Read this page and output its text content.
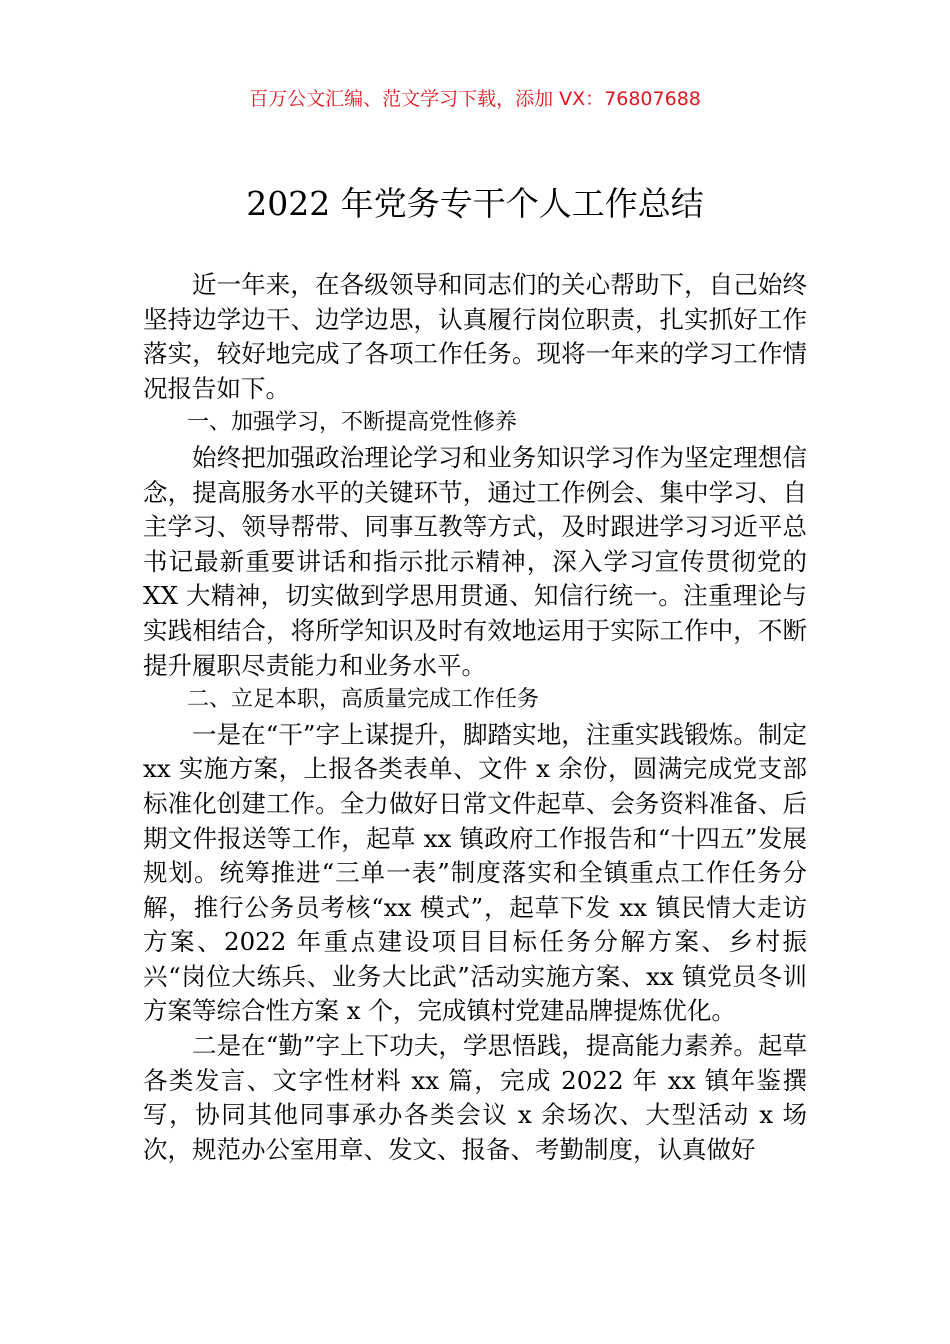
百万公文汇编、范文学习下载，添加 VX：76807688
2022 年党务专干个人工作总结

近一年来，在各级领导和同志们的关心帮助下，自己始终坚持边学边干、边学边思，认真履行岗位职责，扎实抓好工作落实，较好地完成了各项工作任务。现将一年来的学习工作情况报告如下。

一、加强学习，不断提高党性修养

始终把加强政治理论学习和业务知识学习作为坚定理想信念，提高服务水平的关键环节，通过工作例会、集中学习、自主学习、领导帮带、同事互教等方式，及时跟进学习习近平总书记最新重要讲话和指示批示精神，深入学习宣传贯彻党的 XX 大精神，切实做到学思用贯通、知信行统一。注重理论与实践相结合，将所学知识及时有效地运用于实际工作中，不断提升履职尽责能力和业务水平。

二、立足本职，高质量完成工作任务

一是在“干”字上谋提升，脚踏实地，注重实践锻炼。制定 xx 实施方案，上报各类表单、文件 x 余份，圆满完成党支部标准化创建工作。全力做好日常文件起草、会务资料准备、后期文件报送等工作，起草 xx 镇政府工作报告和“十四五”发展规划。统筹推进“三单一表”制度落实和全镇重点工作任务分解，推行公务员考核“xx 模式”，起草下发 xx 镇民情大走访方案、2022 年重点建设项目目标任务分解方案、乡村振兴“岗位大练兵、业务大比武”活动实施方案、xx 镇党员冬训方案等综合性方案 x 个，完成镇村党建品牌提炼优化。

二是在“勤”字上下功夫，学思悟践，提高能力素养。起草各类发言、文字性材料 xx 篇，完成 2022 年 xx 镇年鉴撰写，协同其他同事承办各类会议 x 余场次、大型活动 x 场次，规范办公室用章、发文、报备、考勤制度，认真做好
